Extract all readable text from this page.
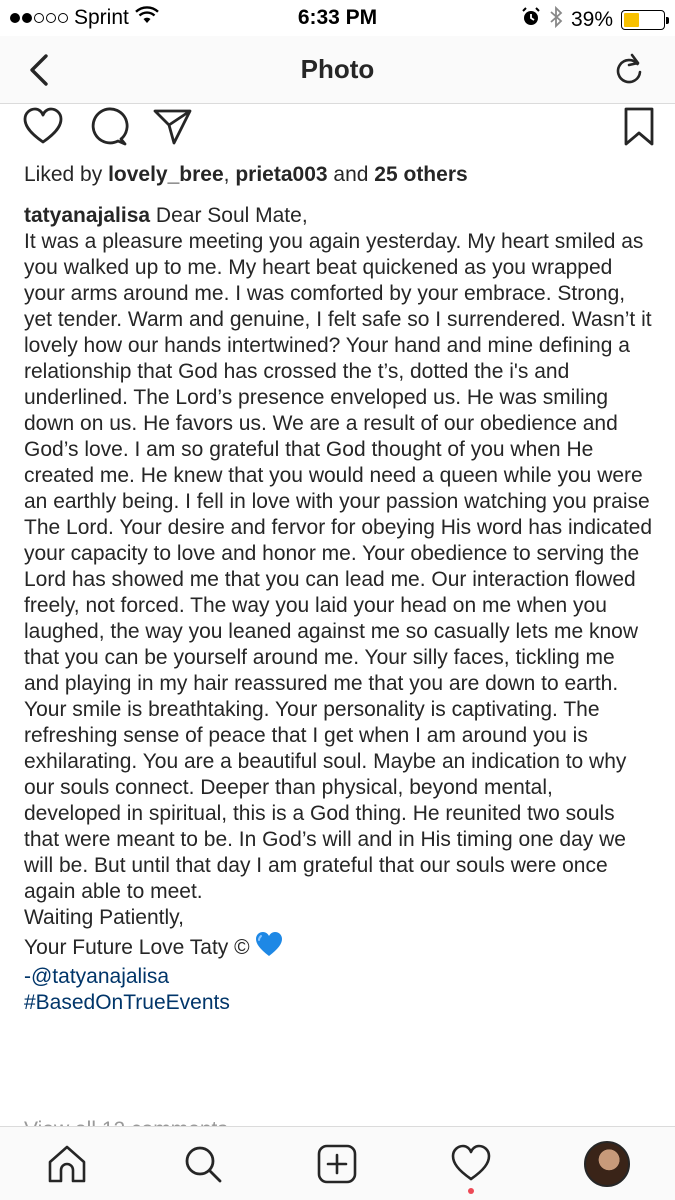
Sprint	6:33 PM	39%
Photo
Liked by lovely_bree, prieta003 and 25 others

tatyanajalisa Dear Soul Mate,

It was a pleasure meeting you again yesterday. My heart smiled as you walked up to me. My heart beat quickened as you wrapped your arms around me. I was comforted by your embrace. Strong, yet tender. Warm and genuine, I felt safe so I surrendered. Wasn’t it lovely how our hands intertwined? Your hand and mine defining a relationship that God has crossed the t’s, dotted the i's and underlined. The Lord’s presence enveloped us. He was smiling down on us. He favors us. We are a result of our obedience and God’s love. I am so grateful that God thought of you when He created me. He knew that you would need a queen while you were an earthly being. I fell in love with your passion watching you praise The Lord. Your desire and fervor for obeying His word has indicated your capacity to love and honor me. Your obedience to serving the Lord has showed me that you can lead me. Our interaction flowed freely, not forced. The way you laid your head on me when you laughed, the way you leaned against me so casually lets me know that you can be yourself around me. Your silly faces, tickling me and playing in my hair reassured me that you are down to earth. Your smile is breathtaking. Your personality is captivating. The refreshing sense of peace that I get when I am around you is exhilarating. You are a beautiful soul. Maybe an indication to why our souls connect. Deeper than physical, beyond mental, developed in spiritual, this is a God thing. He reunited two souls that were meant to be. In God’s will and in His timing one day we will be. But until that day I am grateful that our souls were once again able to meet.

Waiting Patiently,

Your Future Love Taty ©

-@tatyanajalisa

#BasedOnTrueEvents
